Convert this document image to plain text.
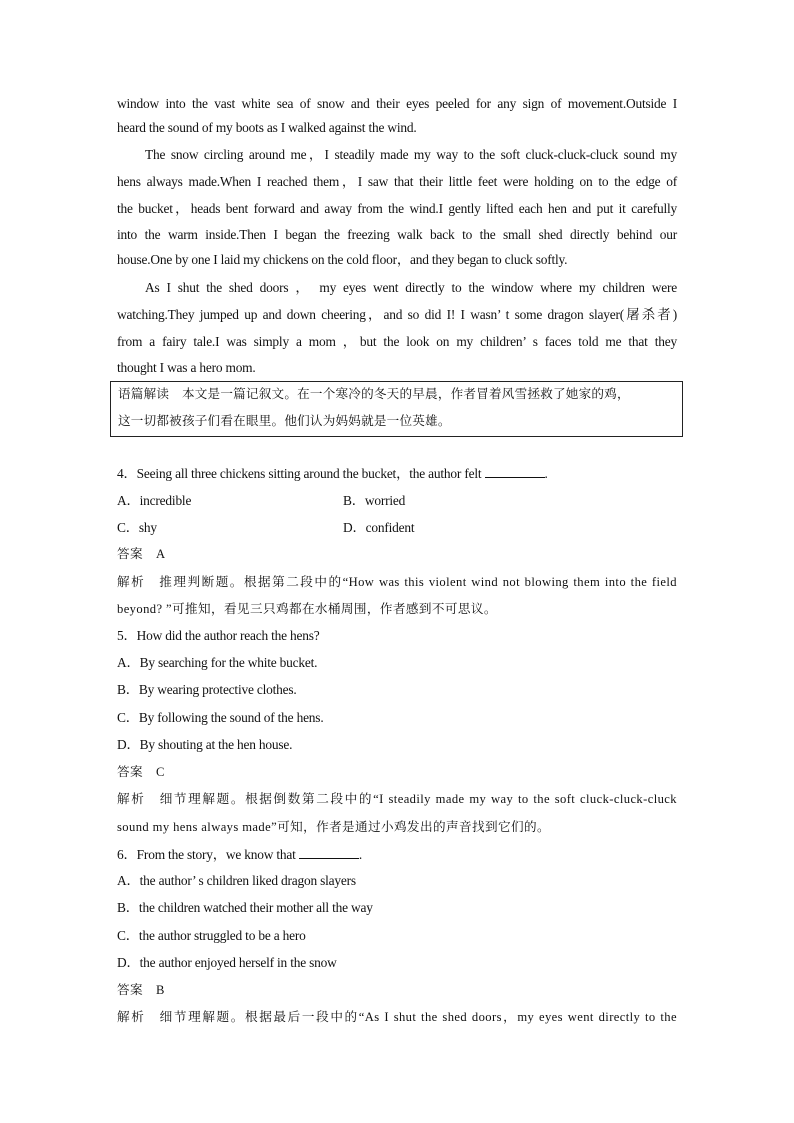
window into the vast white sea of snow and their eyes peeled for any sign of movement.Outside I
heard the sound of my boots as I walked against the wind.
The snow circling around me，I steadily made my way to the soft cluck-cluck-cluck sound my
hens always made.When I reached them，I saw that their little feet were holding on to the edge of
the bucket，heads bent forward and away from the wind.I gently lifted each hen and put it carefully
into the warm inside.Then I began the freezing walk back to the small shed directly behind our
house.One by one I laid my chickens on the cold floor，and they began to cluck softly.
As I shut the shed doors ， my eyes went directly to the window where my children were
watching.They jumped up and down cheering，and so did I! I wasn’ t some dragon slayer(屠杀者)
from a fairy tale.I was simply a mom ，but the look on my children’ s faces told me that they
thought I was a hero mom.
语篇解读　本文是一篇记叙文。在一个寒冷的冬天的早晨，作者冒着风雪拯救了她家的鸡，
这一切都被孩子们看在眼里。他们认为妈妈就是一位英雄。
4．Seeing all three chickens sitting around the bucket，the author felt	.
A．incredible	B．worried
C．shy	D．confident
答案　A
解析　推理判断题。根据第二段中的“How was this violent wind not blowing them into the field
beyond? ”可推知，看见三只鸡都在水桶周围，作者感到不可思议。
5．How did the author reach the hens?
A．By searching for the white bucket.
B．By wearing protective clothes.
C．By following the sound of the hens.
D．By shouting at the hen house.
答案　C
解析　细节理解题。根据倒数第二段中的“I steadily made my way to the soft cluck-cluck-cluck
sound my hens always made”可知，作者是通过小鸡发出的声音找到它们的。
6．From the story，we know that	.
A．the author’ s children liked dragon slayers
B．the children watched their mother all the way
C．the author struggled to be a hero
D．the author enjoyed herself in the snow
答案　B
解析　细节理解题。根据最后一段中的“As I shut the shed doors，my eyes went directly to the
